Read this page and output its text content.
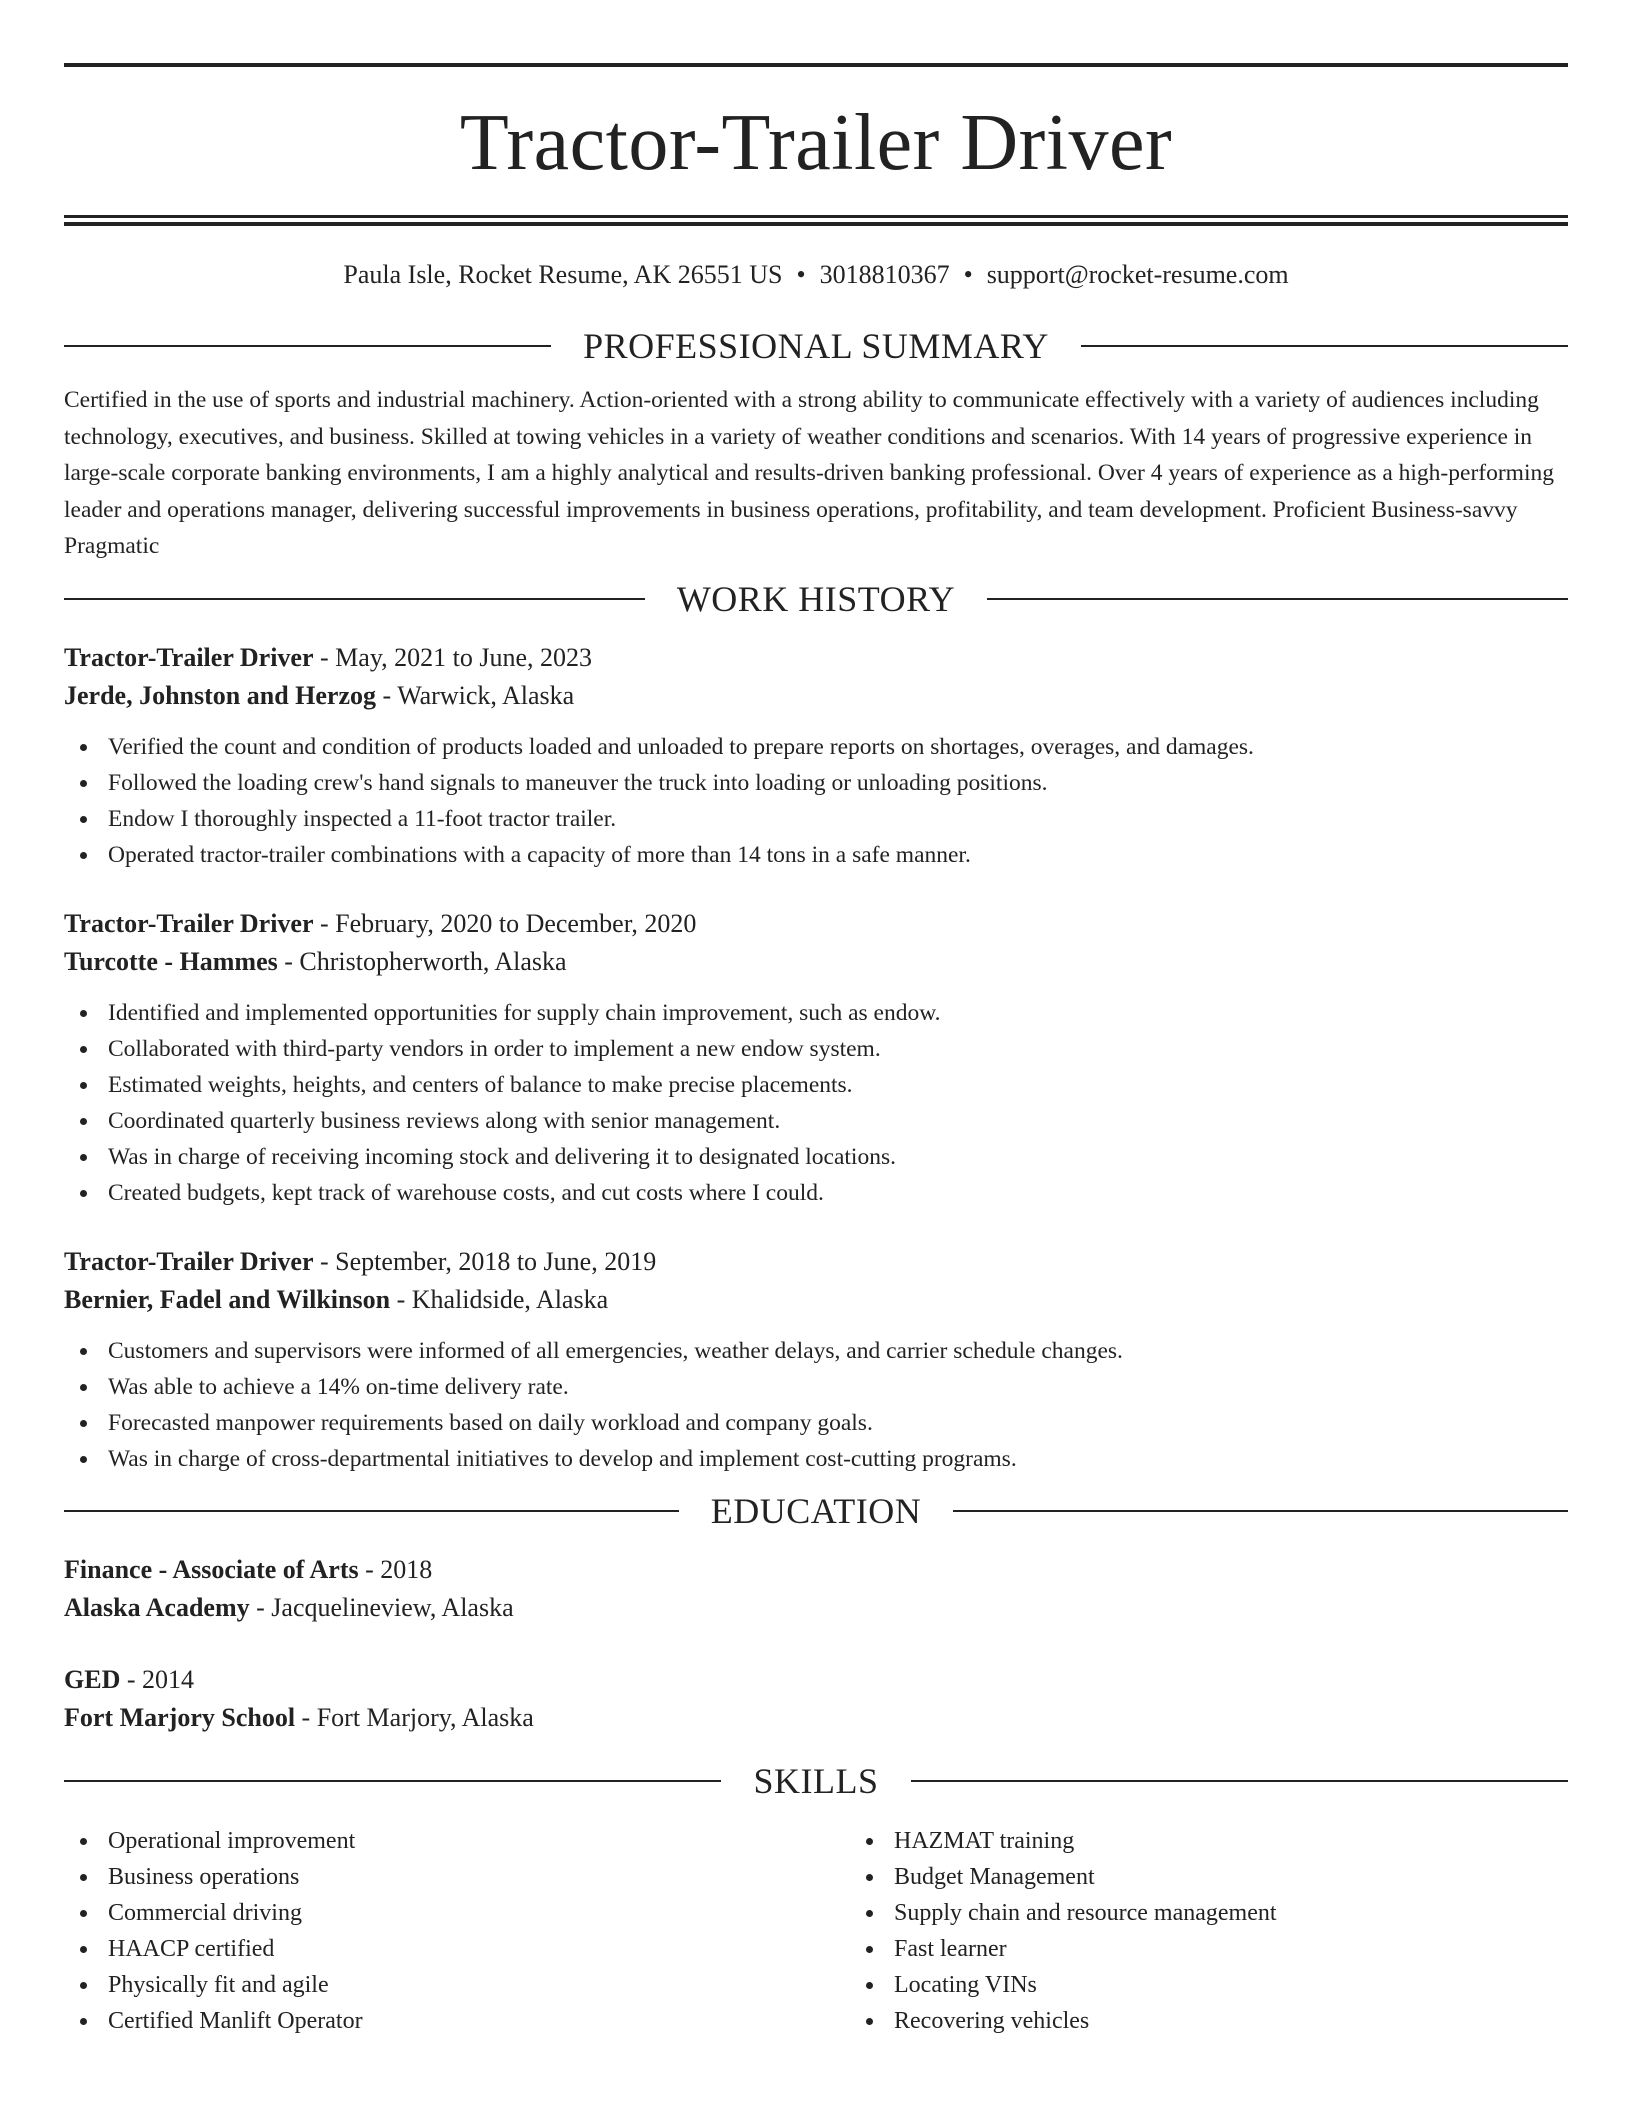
Tractor-Trailer Driver
Paula Isle, Rocket Resume, AK 26551 US • 3018810367 • support@rocket-resume.com
PROFESSIONAL SUMMARY

Certified in the use of sports and industrial machinery. Action-oriented with a strong ability to communicate effectively with a variety of audiences including technology, executives, and business. Skilled at towing vehicles in a variety of weather conditions and scenarios. With 14 years of progressive experience in large-scale corporate banking environments, I am a highly analytical and results-driven banking professional. Over 4 years of experience as a high-performing leader and operations manager, delivering successful improvements in business operations, profitability, and team development. Proficient Business-savvy Pragmatic

WORK HISTORY
Tractor-Trailer Driver - May, 2021 to June, 2023
Jerde, Johnston and Herzog - Warwick, Alaska
Verified the count and condition of products loaded and unloaded to prepare reports on shortages, overages, and damages.
Followed the loading crew's hand signals to maneuver the truck into loading or unloading positions.
Endow I thoroughly inspected a 11-foot tractor trailer.
Operated tractor-trailer combinations with a capacity of more than 14 tons in a safe manner.
Tractor-Trailer Driver - February, 2020 to December, 2020
Turcotte - Hammes - Christopherworth, Alaska
Identified and implemented opportunities for supply chain improvement, such as endow.
Collaborated with third-party vendors in order to implement a new endow system.
Estimated weights, heights, and centers of balance to make precise placements.
Coordinated quarterly business reviews along with senior management.
Was in charge of receiving incoming stock and delivering it to designated locations.
Created budgets, kept track of warehouse costs, and cut costs where I could.
Tractor-Trailer Driver - September, 2018 to June, 2019
Bernier, Fadel and Wilkinson - Khalidside, Alaska
Customers and supervisors were informed of all emergencies, weather delays, and carrier schedule changes.
Was able to achieve a 14% on-time delivery rate.
Forecasted manpower requirements based on daily workload and company goals.
Was in charge of cross-departmental initiatives to develop and implement cost-cutting programs.
EDUCATION
Finance - Associate of Arts - 2018
Alaska Academy - Jacquelineview, Alaska
GED - 2014
Fort Marjory School - Fort Marjory, Alaska
SKILLS
Operational improvement
Business operations
Commercial driving
HAACP certified
Physically fit and agile
Certified Manlift Operator
HAZMAT training
Budget Management
Supply chain and resource management
Fast learner
Locating VINs
Recovering vehicles
